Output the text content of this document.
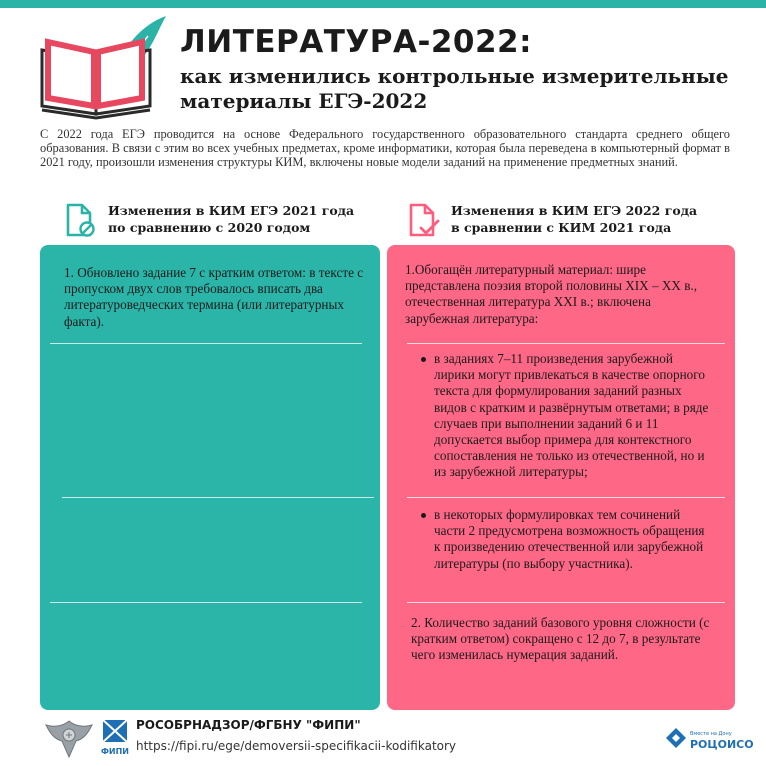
ЛИТЕРАТУРА-2022:
как изменились контрольные измерительные материалы ЕГЭ-2022
С 2022 года ЕГЭ проводится на основе Федерального государственного образовательного стандарта среднего общего образования. В связи с этим во всех учебных предметах, кроме информатики, которая была переведена в компьютерный формат в 2021 году, произошли изменения структуры КИМ, включены новые модели заданий на применение предметных знаний.
Изменения в КИМ ЕГЭ 2021 года по сравнению с 2020 годом
Изменения в КИМ ЕГЭ 2022 года в сравнении с КИМ 2021 года
1. Обновлено задание 7 с кратким ответом: в тексте с пропуском двух слов требовалось вписать два литературоведческих термина (или литературных факта).
1.Обогащён литературный материал: шире представлена поэзия второй половины XIX – XX в., отечественная литература XXI в.; включена зарубежная литература:
в заданиях 7–11 произведения зарубежной лирики могут привлекаться в качестве опорного текста для формулирования заданий разных видов с кратким и развёрнутым ответами; в ряде случаев при выполнении заданий 6 и 11 допускается выбор примера для контекстного сопоставления не только из отечественной, но и из зарубежной литературы;
в некоторых формулировках тем сочинений части 2 предусмотрена возможность обращения к произведению отечественной или зарубежной литературы (по выбору участника).
2. Количество заданий базового уровня сложности (с кратким ответом) сокращено с 12 до 7, в результате чего изменилась нумерация заданий.
ФИПИ
РОСОБРНАДЗОР/ФГБНУ "ФИПИ"
https://fipi.ru/ege/demoversii-specifikacii-kodifikatory
Вместе на Дону
РОЦОИСО
